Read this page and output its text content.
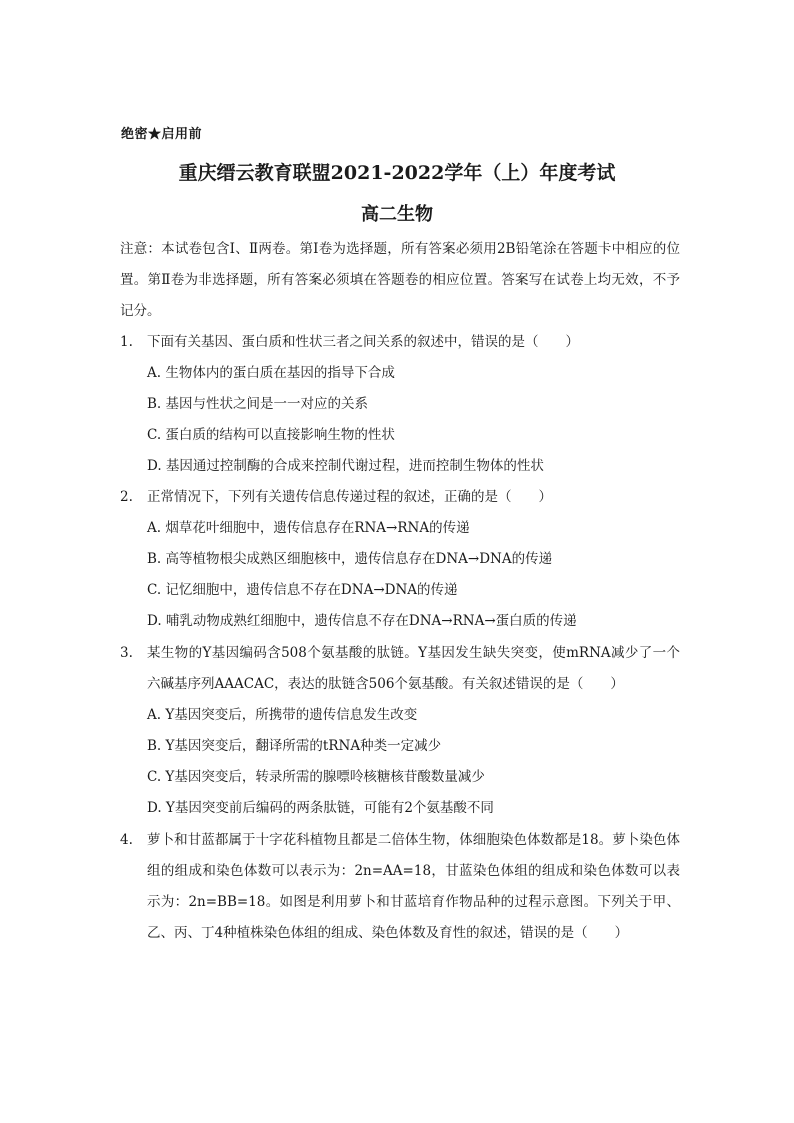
绝密★启用前
重庆缙云教育联盟2021-2022学年（上）年度考试
高二生物
注意：本试卷包含Ⅰ、Ⅱ两卷。第Ⅰ卷为选择题，所有答案必须用2B铅笔涂在答题卡中相应的位置。第Ⅱ卷为非选择题，所有答案必须填在答题卷的相应位置。答案写在试卷上均无效，不予记分。
1. 下面有关基因、蛋白质和性状三者之间关系的叙述中，错误的是（　　）
A. 生物体内的蛋白质在基因的指导下合成
B. 基因与性状之间是一一对应的关系
C. 蛋白质的结构可以直接影响生物的性状
D. 基因通过控制酶的合成来控制代谢过程，进而控制生物体的性状
2. 正常情况下，下列有关遗传信息传递过程的叙述，正确的是（　　）
A. 烟草花叶细胞中，遗传信息存在RNA→RNA的传递
B. 高等植物根尖成熟区细胞核中，遗传信息存在DNA→DNA的传递
C. 记忆细胞中，遗传信息不存在DNA→DNA的传递
D. 哺乳动物成熟红细胞中，遗传信息不存在DNA→RNA→蛋白质的传递
3. 某生物的Y基因编码含508个氨基酸的肽链。Y基因发生缺失突变，使mRNA减少了一个六碱基序列AAACAC，表达的肽链含506个氨基酸。有关叙述错误的是（　　）
A. Y基因突变后，所携带的遗传信息发生改变
B. Y基因突变后，翻译所需的tRNA种类一定减少
C. Y基因突变后，转录所需的腺嘌呤核糖核苷酸数量减少
D. Y基因突变前后编码的两条肽链，可能有2个氨基酸不同
4. 萝卜和甘蓝都属于十字花科植物且都是二倍体生物，体细胞染色体数都是18。萝卜染色体组的组成和染色体数可以表示为：2n=AA=18，甘蓝染色体组的组成和染色体数可以表示为：2n=BB=18。如图是利用萝卜和甘蓝培育作物品种的过程示意图。下列关于甲、乙、丙、丁4种植株染色体组的组成、染色体数及育性的叙述，错误的是（　　）
